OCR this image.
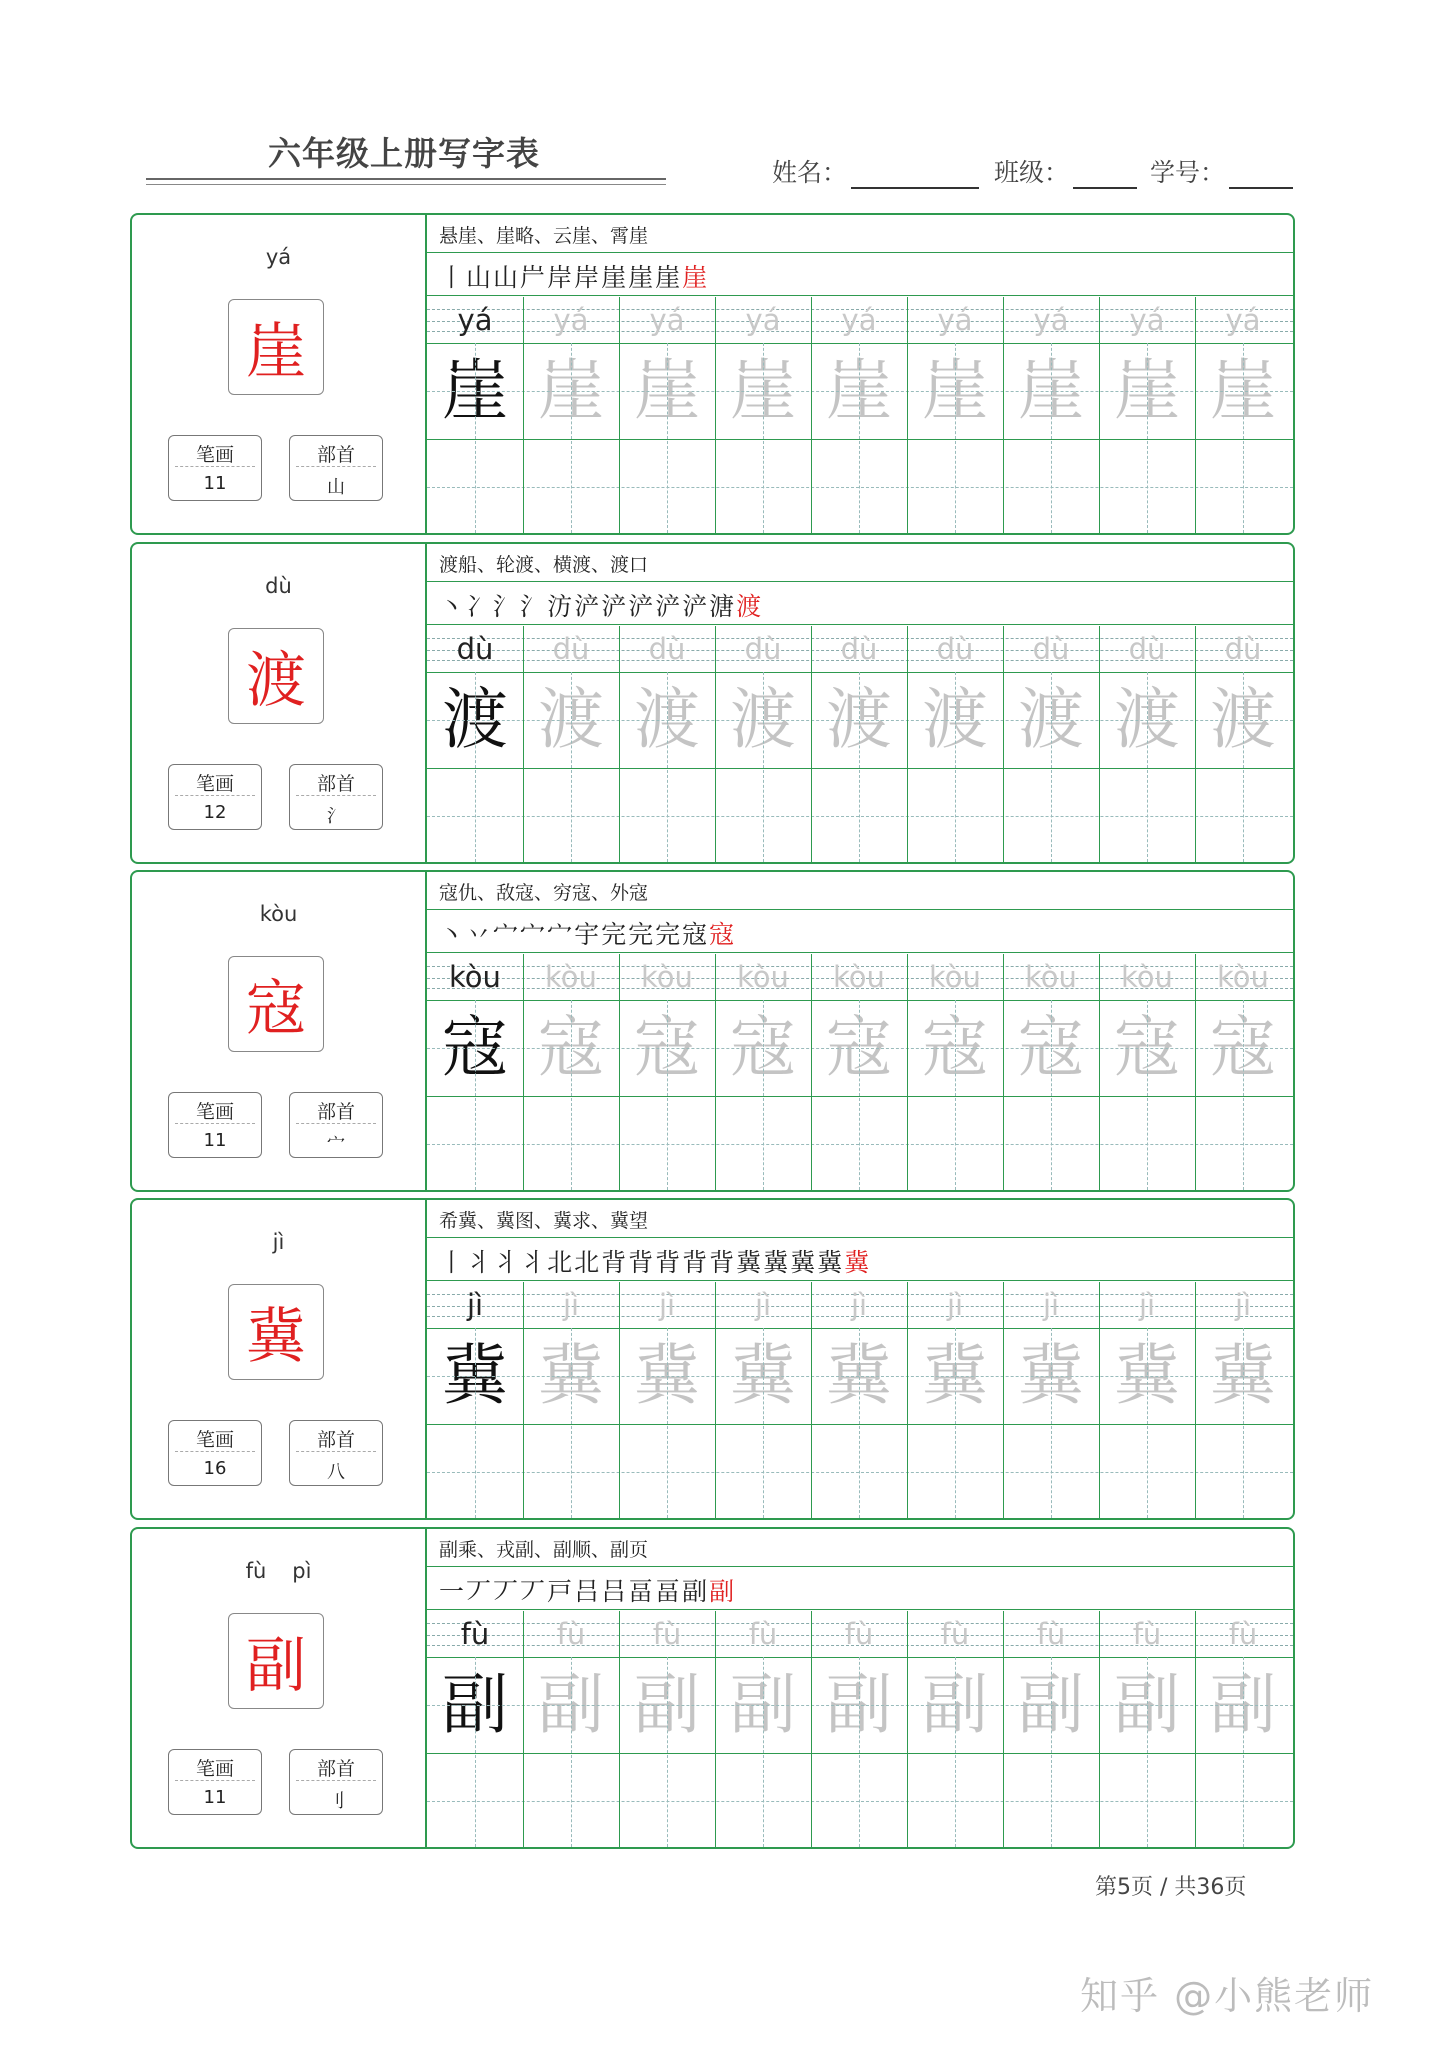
六年级上册写字表	姓名：	班级：	学号：
yá
崖
笔画
11
部首
山
悬崖、崖略、云崖、霄崖
丨山山屵岸岸崖崖崖崖
yá	yá	yá	yá	yá	yá	yá	yá	yá
崖 崖 崖 崖 崖 崖 崖 崖 崖
dù
渡
笔画
12
部首
氵
渡船、轮渡、横渡、渡口
丶冫氵氵汸浐浐浐浐浐溏渡
dù	dù	dù	dù	dù	dù	dù	dù	dù
渡 渡 渡 渡 渡 渡 渡 渡 渡
kòu
寇
笔画
11
部首
宀
寇仇、敌寇、穷寇、外寇
丶丷宀宀宀宇完完完寇寇
kòu	kòu	kòu	kòu	kòu	kòu	kòu	kòu	kòu
寇 寇 寇 寇 寇 寇 寇 寇 寇
jì
冀
笔画
16
部首
八
希冀、冀图、冀求、冀望
丨丬丬丬北北背背背背背冀冀冀冀冀
jì	jì	jì	jì	jì	jì	jì	jì	jì
冀 冀 冀 冀 冀 冀 冀 冀 冀
fù pì
副
笔画
11
部首
刂
副乘、戎副、副顺、副页
一丆丆丆戸吕吕畐畐副副
fù	fù	fù	fù	fù	fù	fù	fù	fù
副 副 副 副 副 副 副 副 副
第5页 / 共36页
知乎 @小熊老师
